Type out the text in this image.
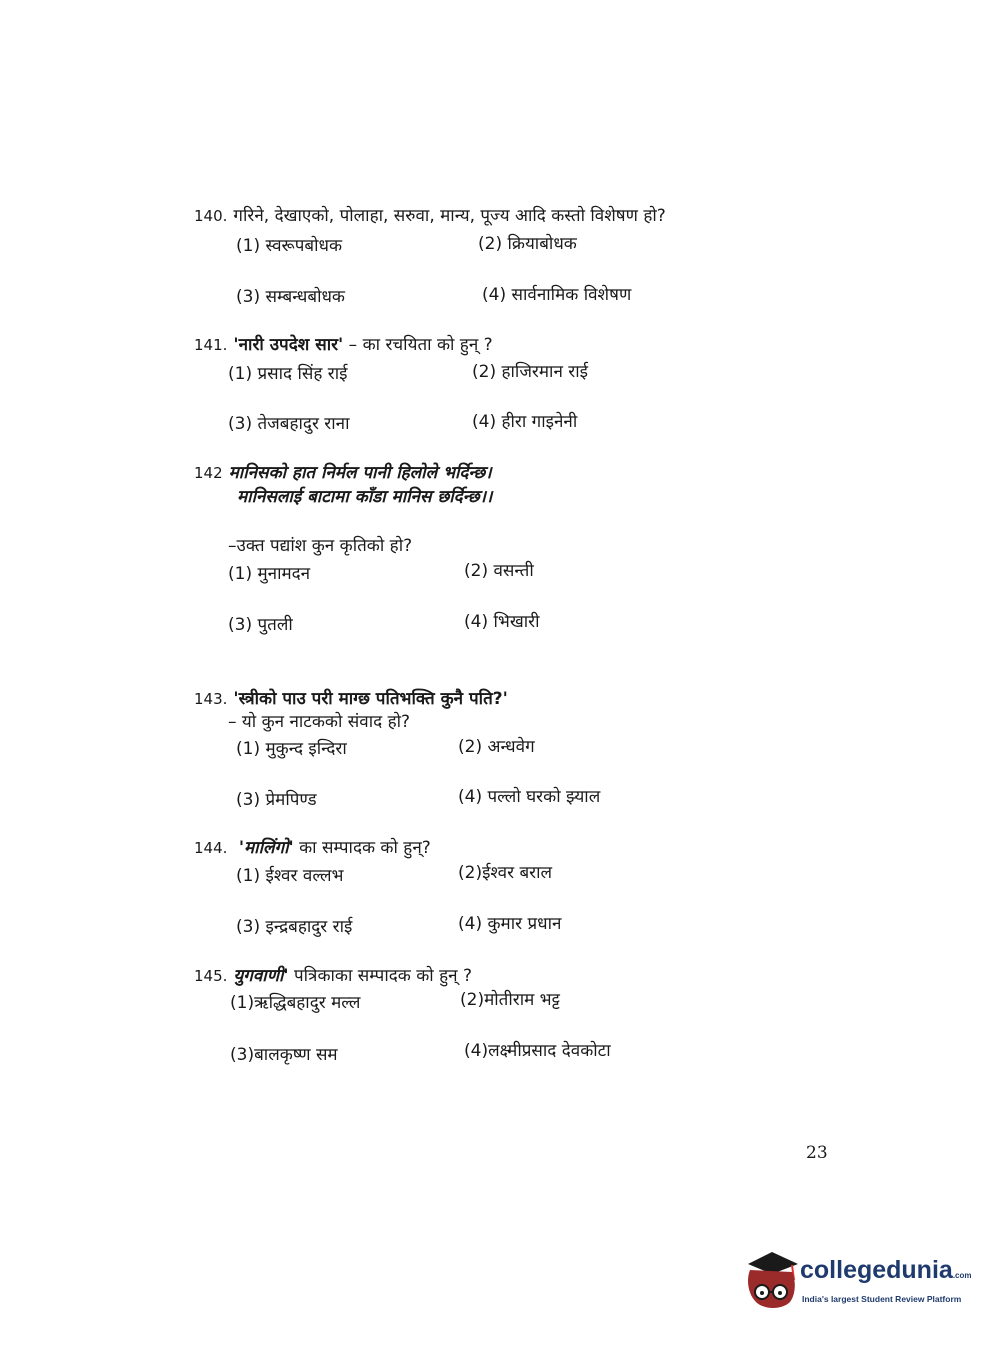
140. गरिने, देखाएको, पोलाहा, सरुवा, मान्य, पूज्य आदि कस्तो विशेषण हो?
(1) स्वरूपबोधक	(2) क्रियाबोधक
(3) सम्बन्धबोधक	(4) सार्वनामिक विशेषण
141. 'नारी उपदेश सार' – का रचयिता को हुन् ?
(1) प्रसाद सिंह राई	(2) हाजिरमान राई
(3) तेजबहादुर राना	(4) हीरा गाइनेनी
142 मानिसको हात निर्मल पानी हिलोले भर्दिन्छ।
मानिसलाई बाटामा काँडा मानिस छर्दिन्छ।।
–उक्त पद्यांश कुन कृतिको हो?
(1) मुनामदन	(2) वसन्ती
(3) पुतली	(4) भिखारी
143. 'स्त्रीको पाउ परी माग्छ पतिभक्ति कुनै पति?'
– यो कुन नाटकको संवाद हो?
(1) मुकुन्द इन्दिरा	(2) अन्धवेग
(3) प्रेमपिण्ड	(4) पल्लो घरको झ्याल
144. 'मालिंगो' का सम्पादक को हुन्?
(1) ईश्वर वल्लभ	(2)ईश्वर बराल
(3) इन्द्रबहादुर राई	(4) कुमार प्रधान
145. युगवाणी' पत्रिकाका सम्पादक को हुन् ?
(1)ऋद्धिबहादुर मल्ल	(2)मोतीराम भट्ट
(3)बालकृष्ण सम	(4)लक्ष्मीप्रसाद देवकोटा
23
collegedunia.com
India's largest Student Review Platform
